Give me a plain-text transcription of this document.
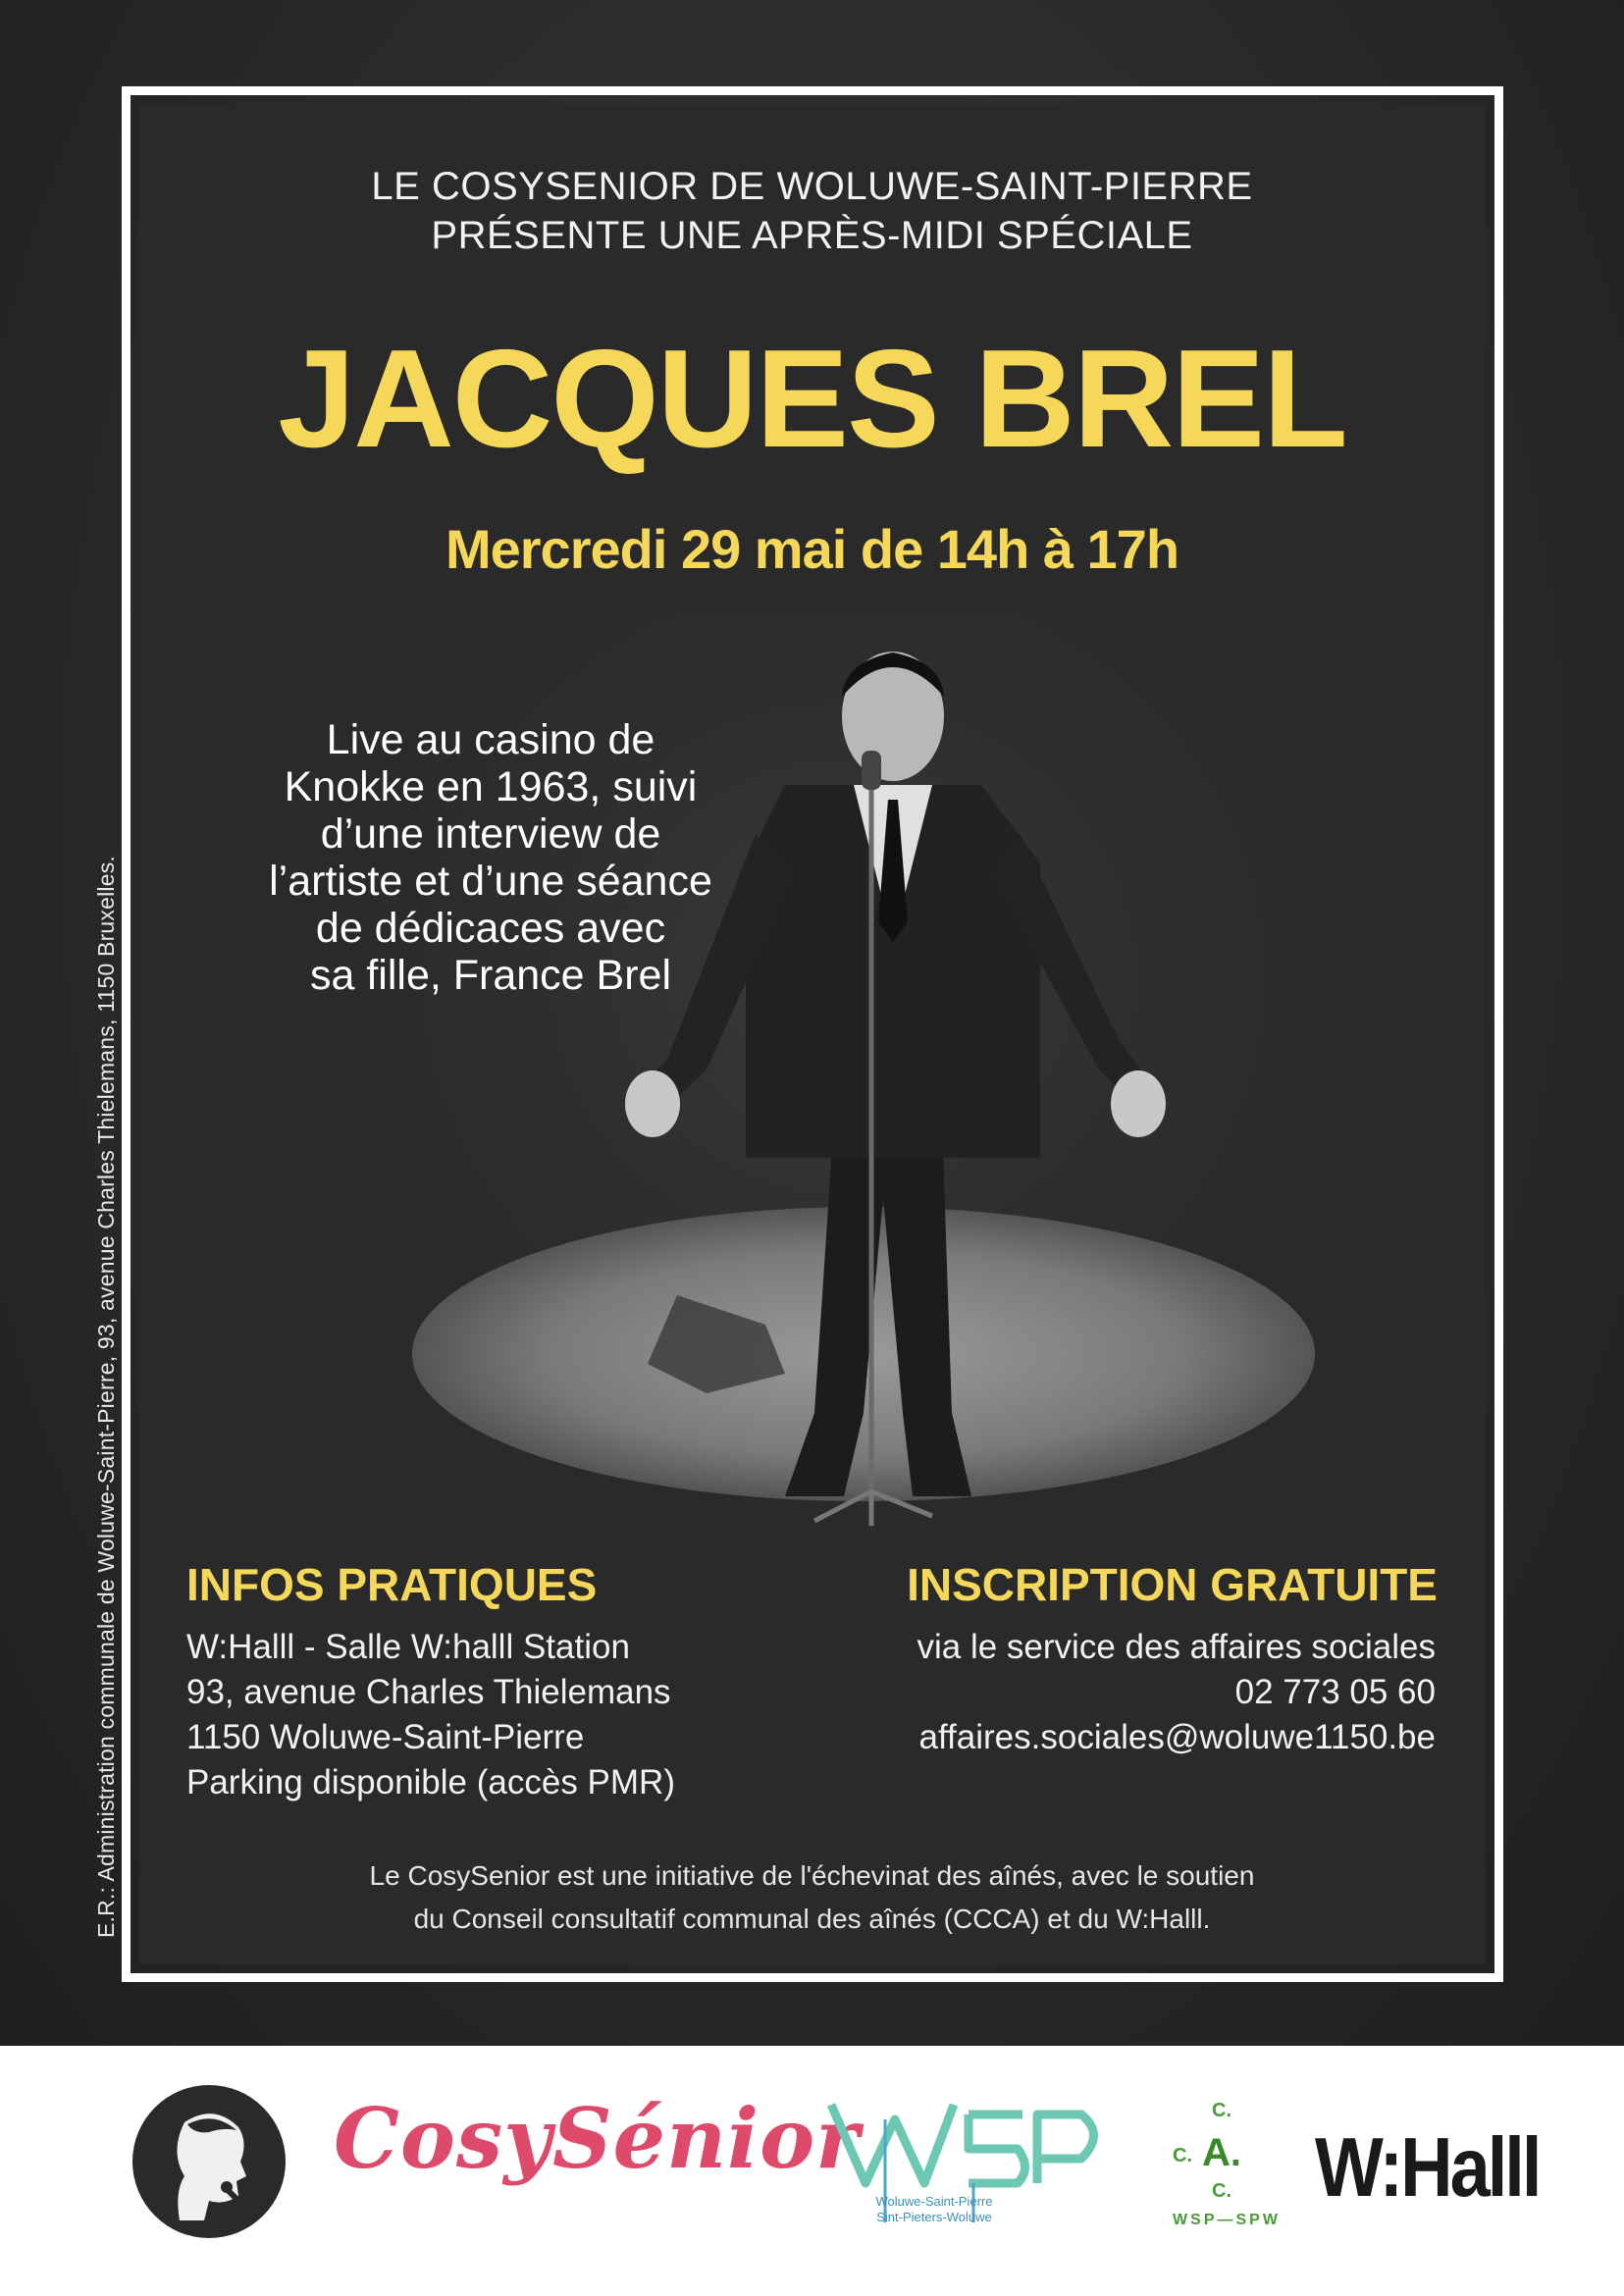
E.R.: Administration communale de Woluwe-Saint-Pierre, 93, avenue Charles Thielemans, 1150 Bruxelles.
LE COSYSENIOR DE WOLUWE-SAINT-PIERRE
PRÉSENTE UNE APRÈS-MIDI SPÉCIALE
JACQUES BREL
Mercredi 29 mai de 14h à 17h
Live au casino de
Knokke en 1963, suivi
d’une interview de
l’artiste et d’une séance
de dédicaces avec
sa fille, France Brel
INFOS PRATIQUES
W:Halll - Salle W:halll Station
93, avenue Charles Thielemans
1150 Woluwe-Saint-Pierre
Parking disponible (accès PMR)
INSCRIPTION GRATUITE
via le service des affaires sociales
02 773 05 60
affaires.sociales@woluwe1150.be
Le CosySenior est une initiative de l'échevinat des aînés, avec le soutien
du Conseil consultatif communal des aînés (CCCA) et du W:Halll.
CosySénior
Woluwe-Saint-Pierre
Sint-Pieters-Woluwe
C.
C. A.
C.
WSP—SPW
W:Halll
